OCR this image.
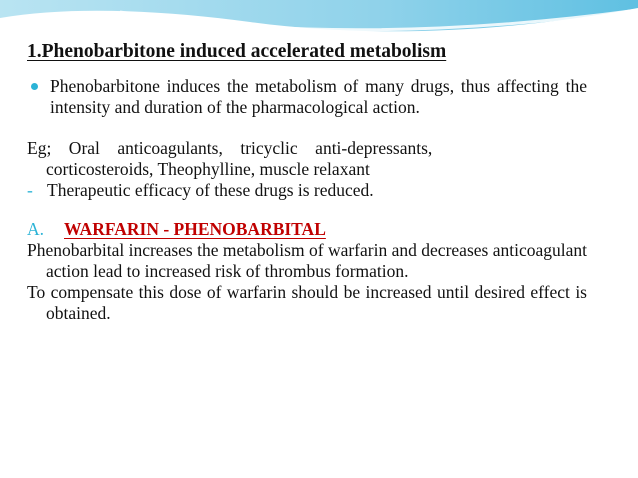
1.Phenobarbitone induced accelerated metabolism
Phenobarbitone induces the metabolism of many drugs, thus affecting the intensity and duration of the pharmacological action.
Eg;    Oral    anticoagulants,    tricyclic    anti-depressants,
corticosteroids, Theophylline, muscle relaxant
- Therapeutic efficacy of these drugs is reduced.
A.	WARFARIN - PHENOBARBITAL
Phenobarbital increases the metabolism of warfarin and decreases anticoagulant action lead to increased risk of thrombus formation.
To compensate this dose of warfarin should be increased until desired effect is obtained.
